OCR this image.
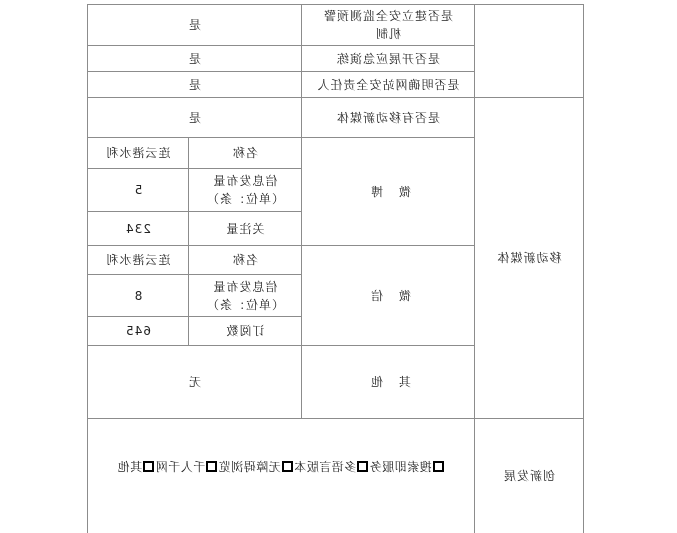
是否建立安全监测预警
机制
是
是否开展应急演练
是
是否明确网站安全责任人
是
是否有移动新媒体
是
微 博
名称
连云港水利
信息发布量
（单位：条）
5
关注量
234
微 信
名称
连云港水利
信息发布量
（单位：条）
8
订阅数
645
其 他
无
移动新媒体
创新发展
搜索即服务
多语言版本
无障碍浏览
千人千网
其他
